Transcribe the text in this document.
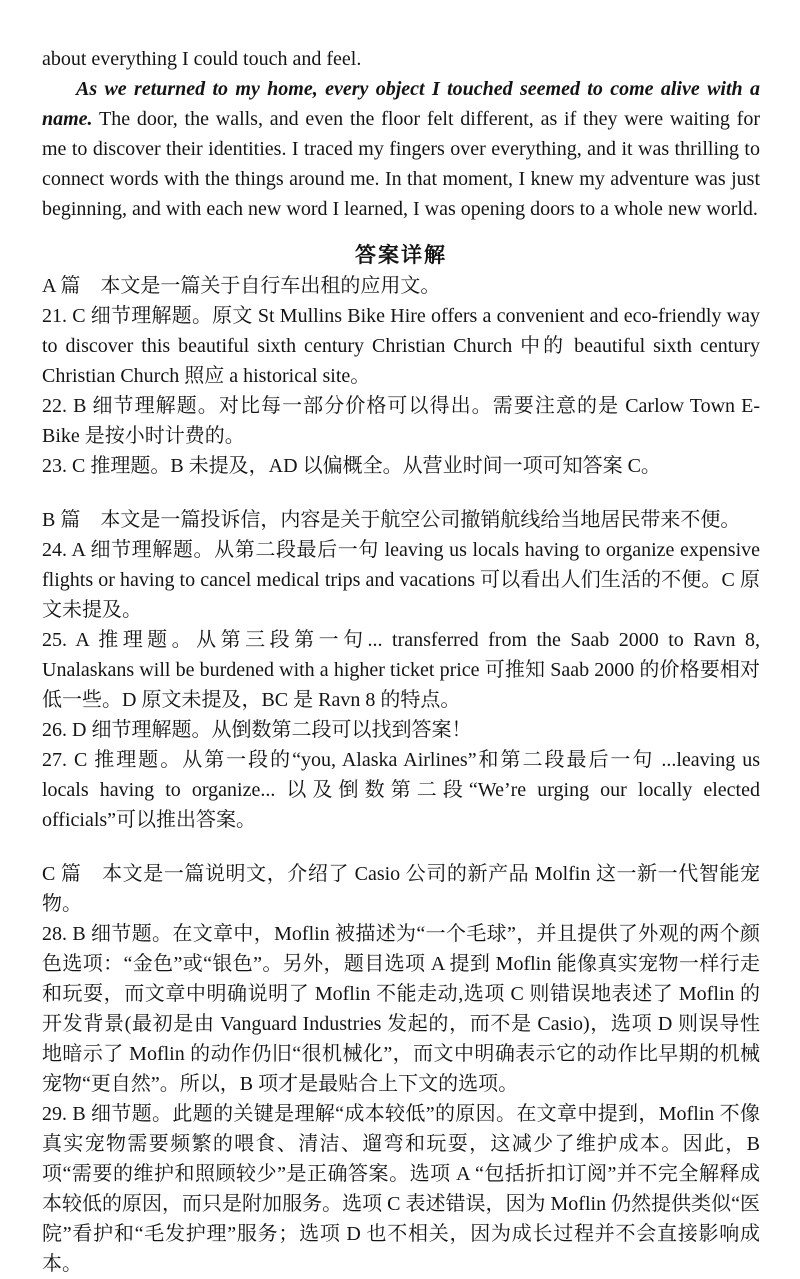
about everything I could touch and feel.

As we returned to my home, every object I touched seemed to come alive with a name. The door, the walls, and even the floor felt different, as if they were waiting for me to discover their identities. I traced my fingers over everything, and it was thrilling to connect words with the things around me. In that moment, I knew my adventure was just beginning, and with each new word I learned, I was opening doors to a whole new world.

答案详解

A 篇　本文是一篇关于自行车出租的应用文。

21. C 细节理解题。原文 St Mullins Bike Hire offers a convenient and eco-friendly way to discover this beautiful sixth century Christian Church 中的 beautiful sixth century Christian Church 照应 a historical site。

22. B 细节理解题。对比每一部分价格可以得出。需要注意的是 Carlow Town E-Bike 是按小时计费的。

23. C 推理题。B 未提及，AD 以偏概全。从营业时间一项可知答案 C。

B 篇　本文是一篇投诉信，内容是关于航空公司撤销航线给当地居民带来不便。

24. A 细节理解题。从第二段最后一句 leaving us locals having to organize expensive flights or having to cancel medical trips and vacations 可以看出人们生活的不便。C 原文未提及。

25. A 推理题。从第三段第一句... transferred from the Saab 2000 to Ravn 8, Unalaskans will be burdened with a higher ticket price 可推知 Saab 2000 的价格要相对低一些。D 原文未提及，BC 是 Ravn 8 的特点。

26. D 细节理解题。从倒数第二段可以找到答案！

27. C 推理题。从第一段的“you, Alaska Airlines”和第二段最后一句 ...leaving us locals having to organize... 以及倒数第二段“We’re urging our locally elected officials”可以推出答案。

C 篇　本文是一篇说明文，介绍了 Casio 公司的新产品 Molfin 这一新一代智能宠物。

28. B 细节题。在文章中，Moflin 被描述为“一个毛球”，并且提供了外观的两个颜色选项：“金色”或“银色”。另外，题目选项 A 提到 Moflin 能像真实宠物一样行走和玩耍，而文章中明确说明了 Moflin 不能走动,选项 C 则错误地表述了 Moflin 的开发背景(最初是由 Vanguard Industries 发起的，而不是 Casio)，选项 D 则误导性地暗示了 Moflin 的动作仍旧“很机械化”，而文中明确表示它的动作比早期的机械宠物“更自然”。所以，B 项才是最贴合上下文的选项。

29. B 细节题。此题的关键是理解“成本较低”的原因。在文章中提到，Moflin 不像真实宠物需要频繁的喂食、清洁、遛弯和玩耍，这减少了维护成本。因此，B 项“需要的维护和照顾较少”是正确答案。选项 A “包括折扣订阅”并不完全解释成本较低的原因，而只是附加服务。选项 C 表述错误，因为 Moflin 仍然提供类似“医院”看护和“毛发护理”服务；选项 D 也不相关，因为成长过程并不会直接影响成本。
